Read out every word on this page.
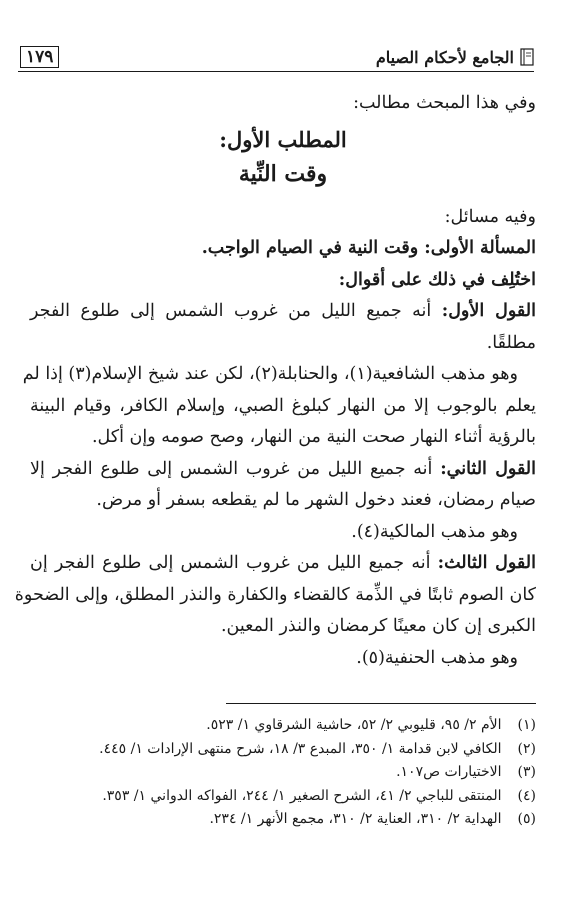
١٧٩	الجامع لأحكام الصيام
وفي هذا المبحث مطالب:
المطلب الأول:
وقت النِّية
وفيه مسائل:
المسألة الأولى: وقت النية في الصيام الواجب.
اختُلِف في ذلك على أقوال:
القول الأول: أنه جميع الليل من غروب الشمس إلى طلوع الفجر
مطلقًا.
وهو مذهب الشافعية(١)، والحنابلة(٢)، لكن عند شيخ الإسلام(٣) إذا لم
يعلم بالوجوب إلا من النهار كبلوغ الصبي، وإسلام الكافر، وقيام البينة
بالرؤية أثناء النهار صحت النية من النهار، وصح صومه وإن أكل.
القول الثاني: أنه جميع الليل من غروب الشمس إلى طلوع الفجر إلا
صيام رمضان، فعند دخول الشهر ما لم يقطعه بسفر أو مرض.
وهو مذهب المالكية(٤).
القول الثالث: أنه جميع الليل من غروب الشمس إلى طلوع الفجر إن
كان الصوم ثابتًا في الذِّمة كالقضاء والكفارة والنذر المطلق، وإلى الضحوة
الكبرى إن كان معينًا كرمضان والنذر المعين.
وهو مذهب الحنفية(٥).
(١) الأم ٢/ ٩٥، قليوبي ٢/ ٥٢، حاشية الشرقاوي ١/ ٥٢٣.
(٢) الكافي لابن قدامة ١/ ٣٥٠، المبدع ٣/ ١٨، شرح منتهى الإرادات ١/ ٤٤٥.
(٣) الاختيارات ص١٠٧.
(٤) المنتقى للباجي ٢/ ٤١، الشرح الصغير ١/ ٢٤٤، الفواكه الدواني ١/ ٣٥٣.
(٥) الهداية ٢/ ٣١٠، العناية ٢/ ٣١٠، مجمع الأنهر ١/ ٢٣٤.
